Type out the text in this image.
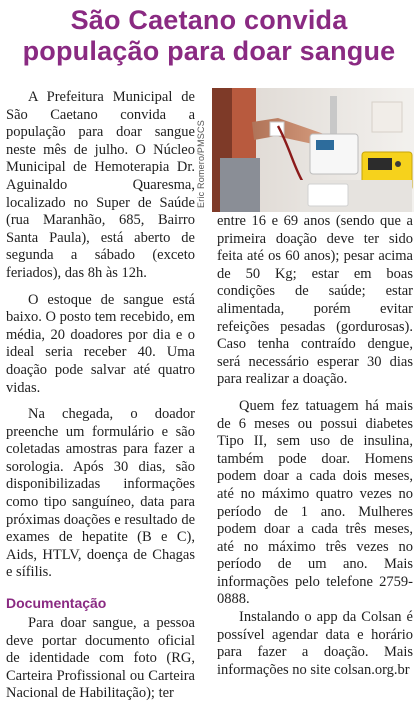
São Caetano convida
população para doar sangue
Eric Romero/PMSCS

A Prefeitura Municipal de São Caetano convida a população para doar sangue neste mês de julho. O Núcleo Municipal de Hemoterapia Dr. Aguinaldo Quaresma, localizado no Super de Saúde (rua Maranhão, 685, Bairro Santa Paula), está aberto de segunda a sábado (exceto feriados), das 8h às 12h.

O estoque de sangue está baixo. O posto tem recebido, em média, 20 doadores por dia e o ideal seria receber 40. Uma doação pode salvar até quatro vidas.

Na chegada, o doador preenche um formulário e são coletadas amostras para fazer a sorologia. Após 30 dias, são disponibilizadas informações como tipo sanguíneo, data para próximas doações e resultado de exames de hepatite (B e C), Aids, HTLV, doença de Chagas e sífilis.

Documentação

Para doar sangue, a pessoa deve portar documento oficial de identidade com foto (RG, Carteira Profissional ou Carteira Nacional de Habilitação); ter

entre 16 e 69 anos (sendo que a primeira doação deve ter sido feita até os 60 anos); pesar acima de 50 Kg; estar em boas condições de saúde; estar alimentada, porém evitar refeições pesadas (gordurosas). Caso tenha contraído dengue, será necessário esperar 30 dias para realizar a doação.

Quem fez tatuagem há mais de 6 meses ou possui diabetes Tipo II, sem uso de insulina, também pode doar. Homens podem doar a cada dois meses, até no máximo quatro vezes no período de 1 ano. Mulheres podem doar a cada três meses, até no máximo três vezes no período de um ano. Mais informações pelo telefone 2759-0888.

Instalando o app da Colsan é possível agendar data e horário para fazer a doação. Mais informações no site colsan.org.br
